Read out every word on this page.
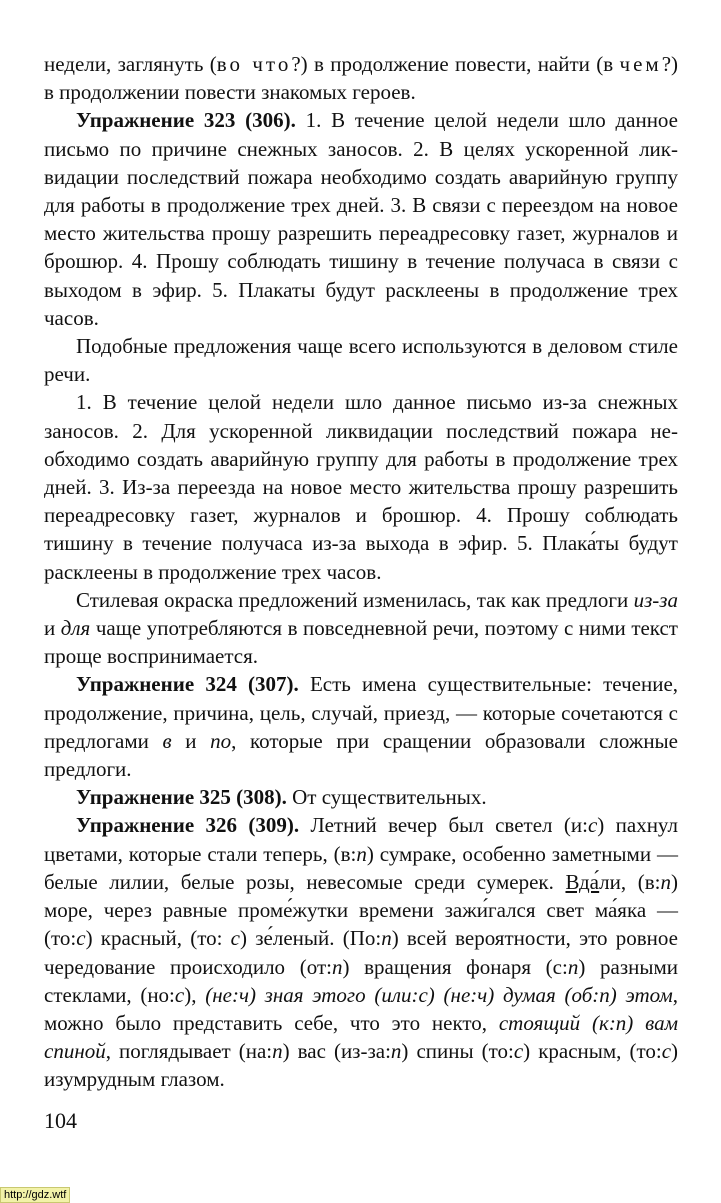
недели, заглянуть (во что?) в продолжение повести, найти (в чем?) в продолжении повести знакомых героев.

Упражнение 323 (306). 1. В течение целой недели шло данное письмо по причине снежных заносов. 2. В целях ускоренной ликвидации последствий пожара необходимо создать аварийную группу для работы в продолжение трех дней. 3. В связи с переездом на новое место жительства прошу разрешить переадресовку газет, журналов и брошюр. 4. Прошу соблюдать тишину в течение получаса в связи с выходом в эфир. 5. Плакаты будут расклеены в продолжение трех часов.

Подобные предложения чаще всего используются в деловом стиле речи.

1. В течение целой недели шло данное письмо из-за снежных заносов. 2. Для ускоренной ликвидации последствий пожара необходимо создать аварийную группу для работы в продолжение трех дней. 3. Из-за переезда на новое место жительства прошу разрешить переадресовку газет, журналов и брошюр. 4. Прошу соблюдать тишину в течение получаса из-за выхода в эфир. 5. Плака́ты будут расклеены в продолжение трех часов.

Стилевая окраска предложений изменилась, так как предлоги из-за и для чаще употребляются в повседневной речи, поэтому с ними текст проще воспринимается.

Упражнение 324 (307). Есть имена существительные: течение, продолжение, причина, цель, случай, приезд, — которые сочетаются с предлогами в и по, которые при сращении образовали сложные предлоги.

Упражнение 325 (308). От существительных.

Упражнение 326 (309). Летний вечер был светел (и:с) пахнул цветами, которые стали теперь, (в:п) сумраке, особенно заметными — белые лилии, белые розы, невесомые среди сумерек. Вда́ли, (в:п) море, через равные проме́жутки времени зажи́гался свет ма́яка — (то:с) красный, (то: с) зе́леный. (По:п) всей вероятности, это ровное чередование происходило (от:п) вращения фонаря (с:п) разными стеклами, (но:с), (не:ч) зная этого (или:с) (не:ч) думая (об:п) этом, можно было представить себе, что это некто, стоящий (к:п) вам спиной, поглядывает (на:п) вас (из-за:п) спины (то:с) красным, (то:с) изумрудным глазом.

104
http://gdz.wtf
